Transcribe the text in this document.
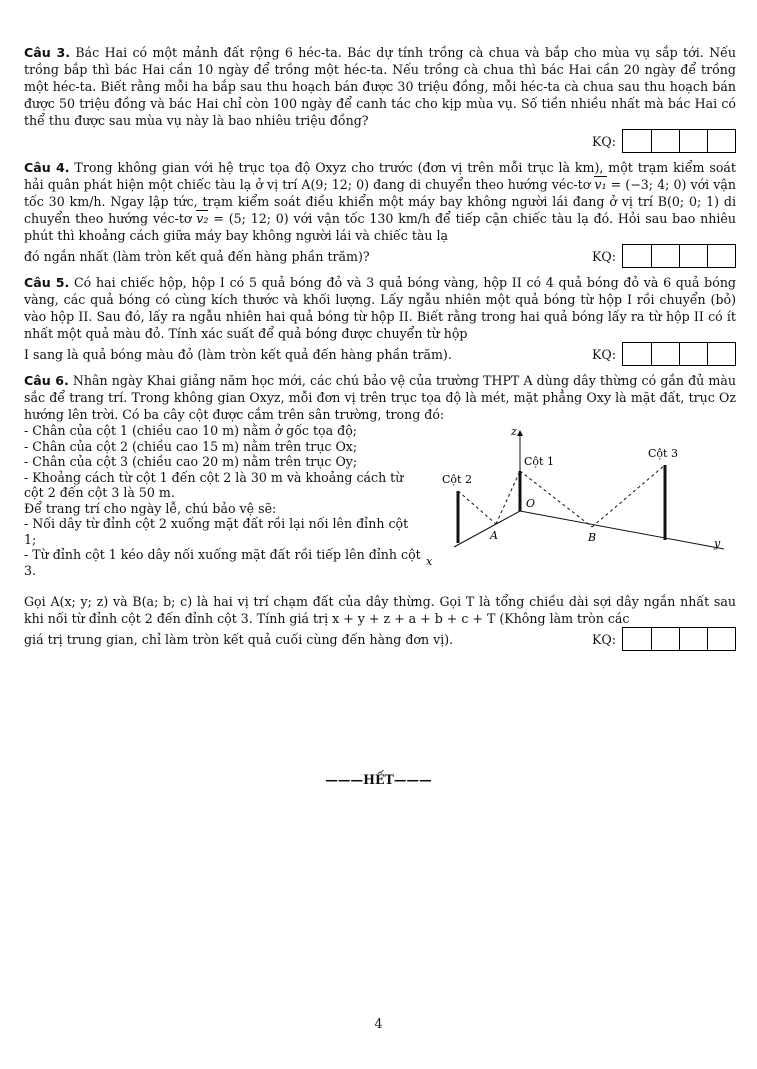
Câu 3. Bác Hai có một mảnh đất rộng 6 héc-ta. Bác dự tính trồng cà chua và bắp cho mùa vụ sắp tới. Nếu trồng bắp thì bác Hai cần 10 ngày để trồng một héc-ta. Nếu trồng cà chua thì bác Hai cần 20 ngày để trồng một héc-ta. Biết rằng mỗi ha bắp sau thu hoạch bán được 30 triệu đồng, mỗi héc-ta cà chua sau thu hoạch bán được 50 triệu đồng và bác Hai chỉ còn 100 ngày để canh tác cho kịp mùa vụ. Số tiền nhiều nhất mà bác Hai có thể thu được sau mùa vụ này là bao nhiêu triệu đồng?

KQ:

Câu 4. Trong không gian với hệ trục tọa độ Oxyz cho trước (đơn vị trên mỗi trục là km), một trạm kiểm soát hải quân phát hiện một chiếc tàu lạ ở vị trí A(9; 12; 0) đang di chuyển theo hướng véc-tơ v₁ = (−3; 4; 0) với vận tốc 30 km/h. Ngay lập tức, trạm kiểm soát điều khiển một máy bay không người lái đang ở vị trí B(0; 0; 1) di chuyển theo hướng véc-tơ v₂ = (5; 12; 0) với vận tốc 130 km/h để tiếp cận chiếc tàu lạ đó. Hỏi sau bao nhiêu phút thì khoảng cách giữa máy bay không người lái và chiếc tàu lạ

đó ngắn nhất (làm tròn kết quả đến hàng phần trăm)?	KQ:

Câu 5. Có hai chiếc hộp, hộp I có 5 quả bóng đỏ và 3 quả bóng vàng, hộp II có 4 quả bóng đỏ và 6 quả bóng vàng, các quả bóng có cùng kích thước và khối lượng. Lấy ngẫu nhiên một quả bóng từ hộp I rồi chuyển (bỏ) vào hộp II. Sau đó, lấy ra ngẫu nhiên hai quả bóng từ hộp II. Biết rằng trong hai quả bóng lấy ra từ hộp II có ít nhất một quả màu đỏ. Tính xác suất để quả bóng được chuyển từ hộp

I sang là quả bóng màu đỏ (làm tròn kết quả đến hàng phần trăm).	KQ:

Câu 6. Nhân ngày Khai giảng năm học mới, các chú bảo vệ của trường THPT A dùng dây thừng có gắn đủ màu sắc để trang trí. Trong không gian Oxyz, mỗi đơn vị trên trục tọa độ là mét, mặt phẳng Oxy là mặt đất, trục Oz hướng lên trời. Có ba cây cột được cắm trên sân trường, trong đó:

- Chân của cột 1 (chiều cao 10 m) nằm ở gốc tọa độ;

- Chân của cột 2 (chiều cao 15 m) nằm trên trục Ox;

- Chân của cột 3 (chiều cao 20 m) nằm trên trục Oy;

- Khoảng cách từ cột 1 đến cột 2 là 30 m và khoảng cách từ cột 2 đến cột 3 là 50 m.

Để trang trí cho ngày lễ, chú bảo vệ sẽ:

- Nối dây từ đỉnh cột 2 xuống mặt đất rồi lại nối lên đỉnh cột 1;

- Từ đỉnh cột 1 kéo dây nối xuống mặt đất rồi tiếp lên đỉnh cột 3.

z
x
y
O
A	B
Cột 1
Cột 2
Cột 3

Gọi A(x; y; z) và B(a; b; c) là hai vị trí chạm đất của dây thừng. Gọi T là tổng chiều dài sợi dây ngắn nhất sau khi nối từ đỉnh cột 2 đến đỉnh cột 3. Tính giá trị x + y + z + a + b + c + T (Không làm tròn các

giá trị trung gian, chỉ làm tròn kết quả cuối cùng đến hàng đơn vị).	KQ:
———HẾT———
4
